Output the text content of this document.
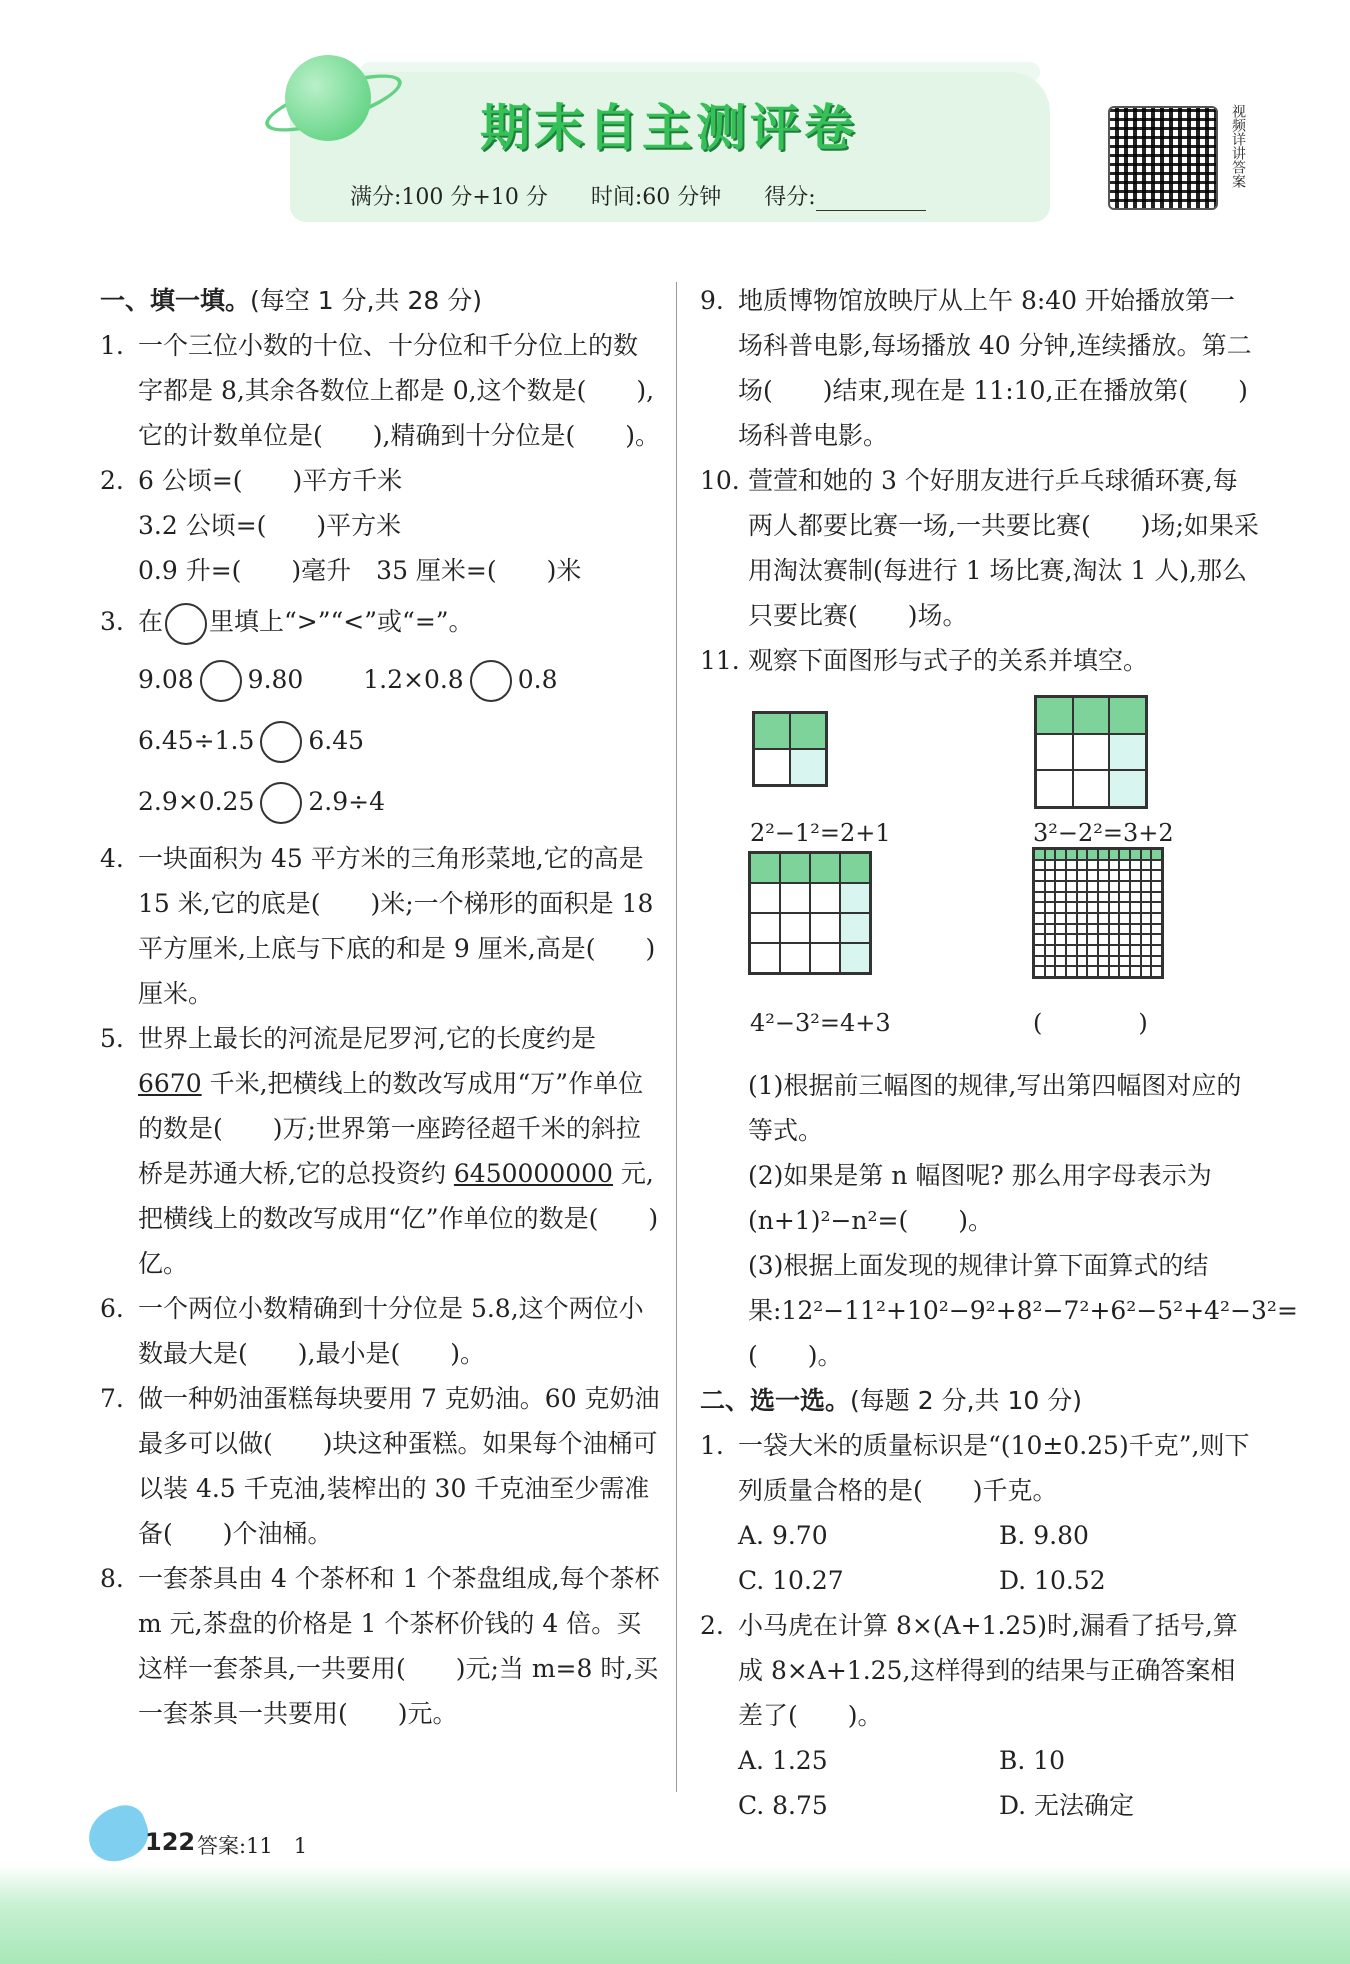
期末自主测评卷
满分:100 分+10 分 时间:60 分钟 得分:
视频详讲答案
一、填一填。(每空 1 分,共 28 分)
1. 一个三位小数的十位、十分位和千分位上的数字都是 8,其余各数位上都是 0,这个数是(　　),它的计数单位是(　　),精确到十分位是(　　)。
2. 6 公顷=(　　)平方千米
3.2 公顷=(　　)平方米
0.9 升=(　　)毫升　35 厘米=(　　)米
3. 在 里填上“>”“<”或“=”。
9.08 9.80 1.2×0.8 0.8
6.45÷1.5 6.45
2.9×0.25 2.9÷4
4. 一块面积为 45 平方米的三角形菜地,它的高是 15 米,它的底是(　　)米;一个梯形的面积是 18 平方厘米,上底与下底的和是 9 厘米,高是(　　)厘米。
5. 世界上最长的河流是尼罗河,它的长度约是 6670 千米,把横线上的数改写成用“万”作单位的数是(　　)万;世界第一座跨径超千米的斜拉桥是苏通大桥,它的总投资约 6450000000 元,把横线上的数改写成用“亿”作单位的数是(　　)亿。
6. 一个两位小数精确到十分位是 5.8,这个两位小数最大是(　　),最小是(　　)。
7. 做一种奶油蛋糕每块要用 7 克奶油。60 克奶油最多可以做(　　)块这种蛋糕。如果每个油桶可以装 4.5 千克油,装榨出的 30 千克油至少需准备(　　)个油桶。
8. 一套茶具由 4 个茶杯和 1 个茶盘组成,每个茶杯 m 元,茶盘的价格是 1 个茶杯价钱的 4 倍。买这样一套茶具,一共要用(　　)元;当 m=8 时,买一套茶具一共要用(　　)元。
9. 地质博物馆放映厅从上午 8:40 开始播放第一场科普电影,每场播放 40 分钟,连续播放。第二场(　　)结束,现在是 11:10,正在播放第(　　)场科普电影。
10. 萱萱和她的 3 个好朋友进行乒乓球循环赛,每两人都要比赛一场,一共要比赛(　　)场;如果采用淘汰赛制(每进行 1 场比赛,淘汰 1 人),那么只要比赛(　　)场。
11. 观察下面图形与式子的关系并填空。
2²−1²=2+1	3²−2²=3+2
4²−3²=4+3	(　　　　)
(1)根据前三幅图的规律,写出第四幅图对应的等式。
(2)如果是第 n 幅图呢? 那么用字母表示为(n+1)²−n²=(　　)。
(3)根据上面发现的规律计算下面算式的结果:12²−11²+10²−9²+8²−7²+6²−5²+4²−3²=(　　)。
二、选一选。(每题 2 分,共 10 分)
1. 一袋大米的质量标识是“(10±0.25)千克”,则下列质量合格的是(　　)千克。
A. 9.70	B. 9.80
C. 10.27	D. 10.52
2. 小马虎在计算 8×(A+1.25)时,漏看了括号,算成 8×A+1.25,这样得到的结果与正确答案相差了(　　)。
A. 1.25	B. 10
C. 8.75	D. 无法确定
122 答案:11　1
